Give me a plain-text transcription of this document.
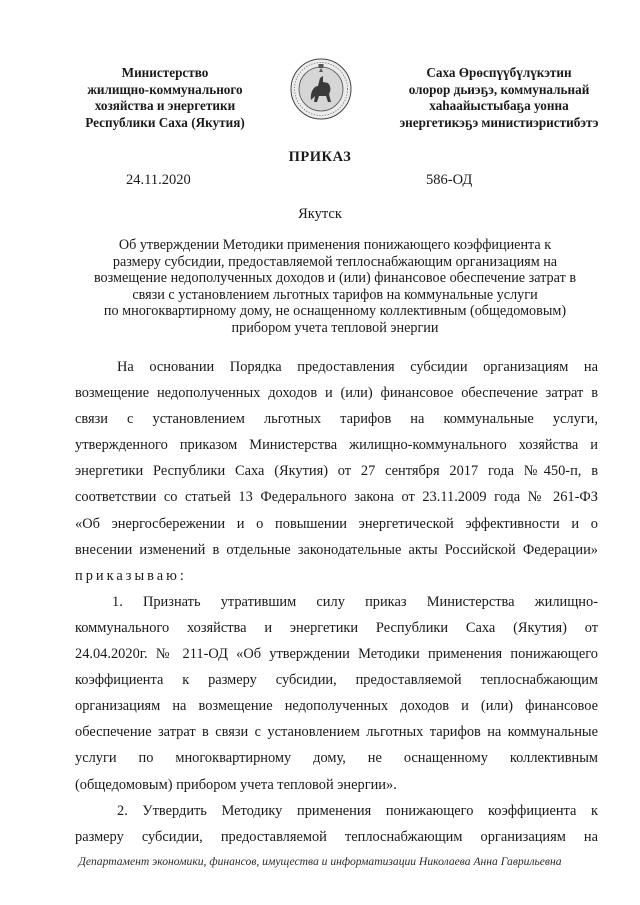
Министерство
жилищно-коммунального
хозяйства и энергетики
Республики Саха (Якутия)
Саха Өрөспүүбүлүкэтин
олорор дьиэҕэ, коммунальнай
хаһаайыстыбаҕа уонна
энергетикэҕэ министиэристибэтэ
ПРИКАЗ
24.11.2020	586-ОД
Якутск
Об утверждении Методики применения понижающего коэффициента к
размеру субсидии, предоставляемой теплоснабжающим организациям на
возмещение недополученных доходов и (или) финансовое обеспечение затрат в
связи с установлением льготных тарифов на коммунальные услуги
по многоквартирному дому, не оснащенному коллективным (общедомовым)
прибором учета тепловой энергии
На основании Порядка предоставления субсидии организациям на
возмещение недополученных доходов и (или) финансовое обеспечение затрат в
связи с установлением льготных тарифов на коммунальные услуги,
утвержденного приказом Министерства жилищно-коммунального хозяйства и
энергетики Республики Саха (Якутия) от 27 сентября 2017 года №450-п, в
соответствии со статьей 13 Федерального закона от 23.11.2009 года № 261-ФЗ
«Об энергосбережении и о повышении энергетической эффективности и о
внесении изменений в отдельные законодательные акты Российской Федерации»
приказываю:
1. Признать утратившим силу приказ Министерства жилищно-
коммунального хозяйства и энергетики Республики Саха (Якутия) от
24.04.2020г. № 211-ОД «Об утверждении Методики применения понижающего
коэффициента к размеру субсидии, предоставляемой теплоснабжающим
организациям на возмещение недополученных доходов и (или) финансовое
обеспечение затрат в связи с установлением льготных тарифов на коммунальные
услуги по многоквартирному дому, не оснащенному коллективным
(общедомовым) прибором учета тепловой энергии».
2. Утвердить Методику применения понижающего коэффициента к
размеру субсидии, предоставляемой теплоснабжающим организациям на
Департамент экономики, финансов, имущества и информатизации Николаева Анна Гаврильевна
